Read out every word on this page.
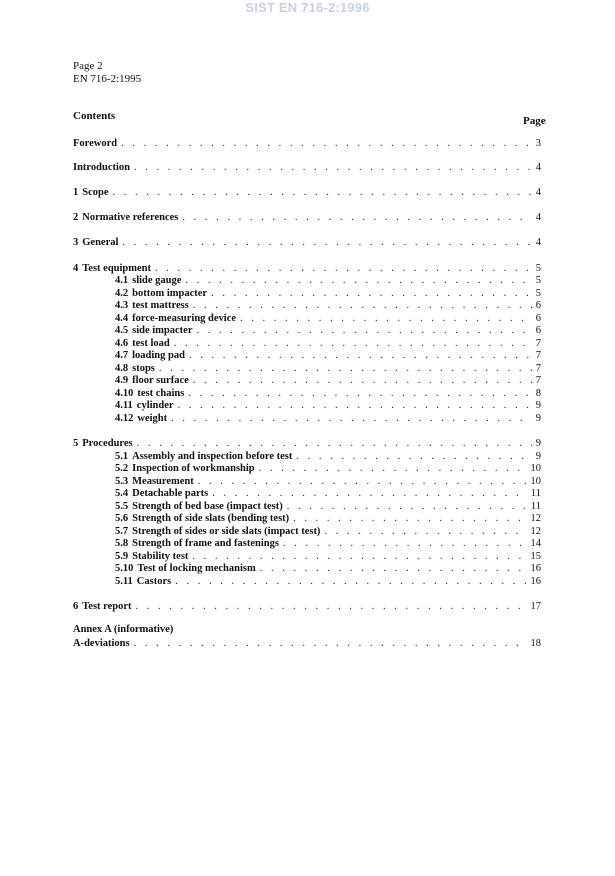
SIST EN 716-2:1996
Page 2
EN 716-2:1995
Contents	Page
Foreword . . .	3
Introduction . . .	4
1 Scope . . .	4
2 Normative references . . .	4
3 General . . .	4
4 Test equipment . . .	5
4.1 slide gauge . . .	5
4.2 bottom impacter . . .	5
4.3 test mattress . . .	6
4.4 force-measuring device . . .	6
4.5 side impacter . . .	6
4.6 test load . . .	7
4.7 loading pad . . .	7
4.8 stops . . .	7
4.9 floor surface . . .	7
4.10 test chains . . .	8
4.11 cylinder . . .	9
4.12 weight . . .	9
5 Procedures . . .	9
5.1 Assembly and inspection before test . . .	9
5.2 Inspection of workmanship . . .	10
5.3 Measurement . . .	10
5.4 Detachable parts . . .	11
5.5 Strength of bed base (impact test) . . .	11
5.6 Strength of side slats (bending test) . . .	12
5.7 Strength of sides or side slats (impact test) . . .	12
5.8 Strength of frame and fastenings . . .	14
5.9 Stability test . . .	15
5.10 Test of locking mechanism . . .	16
5.11 Castors . . .	16
6 Test report . . .	17
Annex A (informative)
A-deviations . . .	18
